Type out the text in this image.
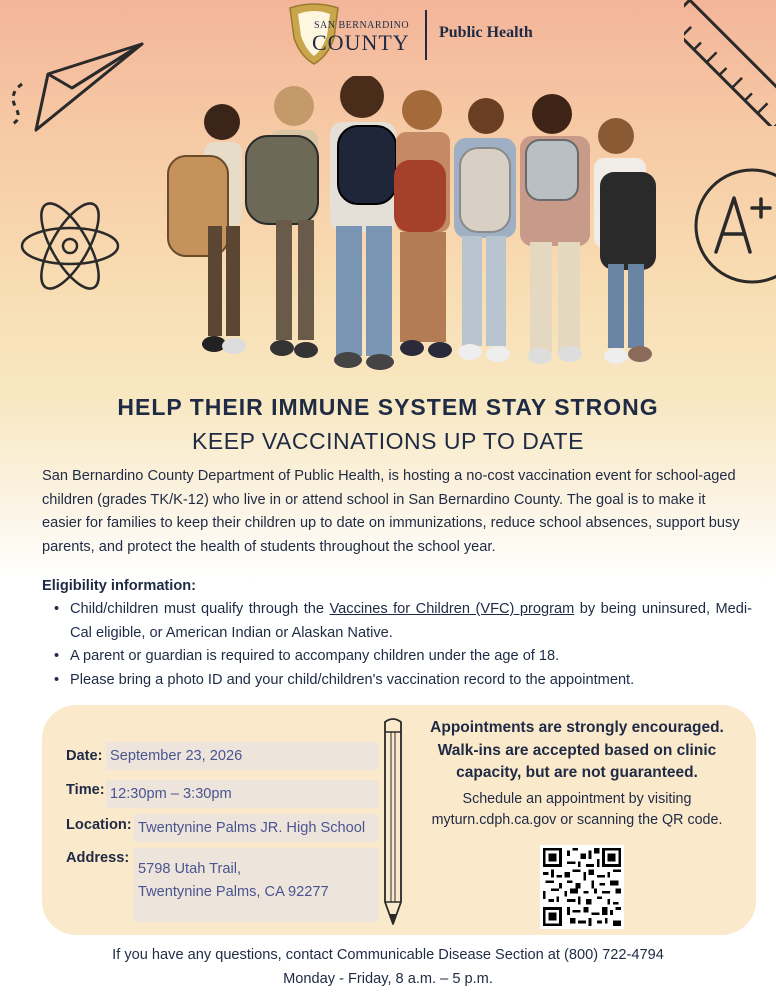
SAN BERNARDINO
COUNTY Public Health
HELP THEIR IMMUNE SYSTEM STAY STRONG
KEEP VACCINATIONS UP TO DATE
San Bernardino County Department of Public Health, is hosting a no-cost vaccination event for school-aged children (grades TK/K-12) who live in or attend school in San Bernardino County. The goal is to make it easier for families to keep their children up to date on immunizations, reduce school absences, support busy parents, and protect the health of students throughout the school year.
Eligibility information:
• Child/children must qualify through the Vaccines for Children (VFC) program by being uninsured, Medi-Cal eligible, or American Indian or Alaskan Native.
• A parent or guardian is required to accompany children under the age of 18.
• Please bring a photo ID and your child/children's vaccination record to the appointment.
Date: September 23, 2026
Time: 12:30pm – 3:30pm
Location: Twentynine Palms JR. High School
Address:
5798 Utah Trail,
Twentynine Palms, CA 92277
Appointments are strongly encouraged.
Walk-ins are accepted based on clinic
capacity, but are not guaranteed.
Schedule an appointment by visiting
myturn.cdph.ca.gov or scanning the QR code.
If you have any questions, contact Communicable Disease Section at (800) 722-4794
Monday - Friday, 8 a.m. – 5 p.m.
